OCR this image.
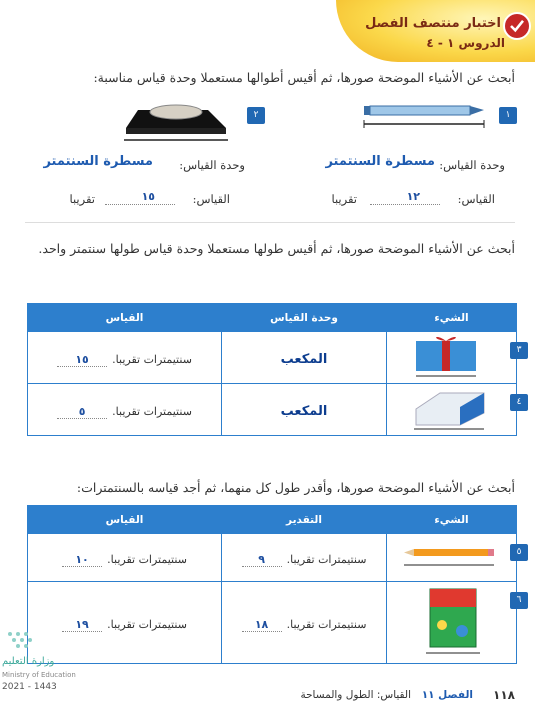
اختبار منتصف الفصل
الدروس ١ - ٤
أبحث عن الأشياء الموضحة صورها، ثم أقيس أطوالها مستعملا وحدة قياس مناسبة:
١
وحدة القياس:
مسطرة السنتمتر
القياس:
١٢
تقريبا
٢
وحدة القياس:
مسطرة السنتمتر
القياس:
١٥
تقريبا
أبحث عن الأشياء الموضحة صورها، ثم أقيس طولها مستعملا وحدة قياس طولها سنتمتر واحد.
الشيء	وحدة القياس	القياس

٣	المكعب	سنتيمترات تقريبا. ١٥

٤	المكعب	سنتيمترات تقريبا. ٥
أبحث عن الأشياء الموضحة صورها، وأقدر طول كل منهما، ثم أجد قياسه بالسنتمترات:
الشيء	التقدير	القياس

٥	سنتيمترات تقريبا. ٩	سنتيمترات تقريبا. ١٠

٦	سنتيمترات تقريبا. ١٨	سنتيمترات تقريبا. ١٩
وزارة التعليم
Ministry of Education
2021 - 1443
١١٨
الفصل ١١
القياس: الطول والمساحة
